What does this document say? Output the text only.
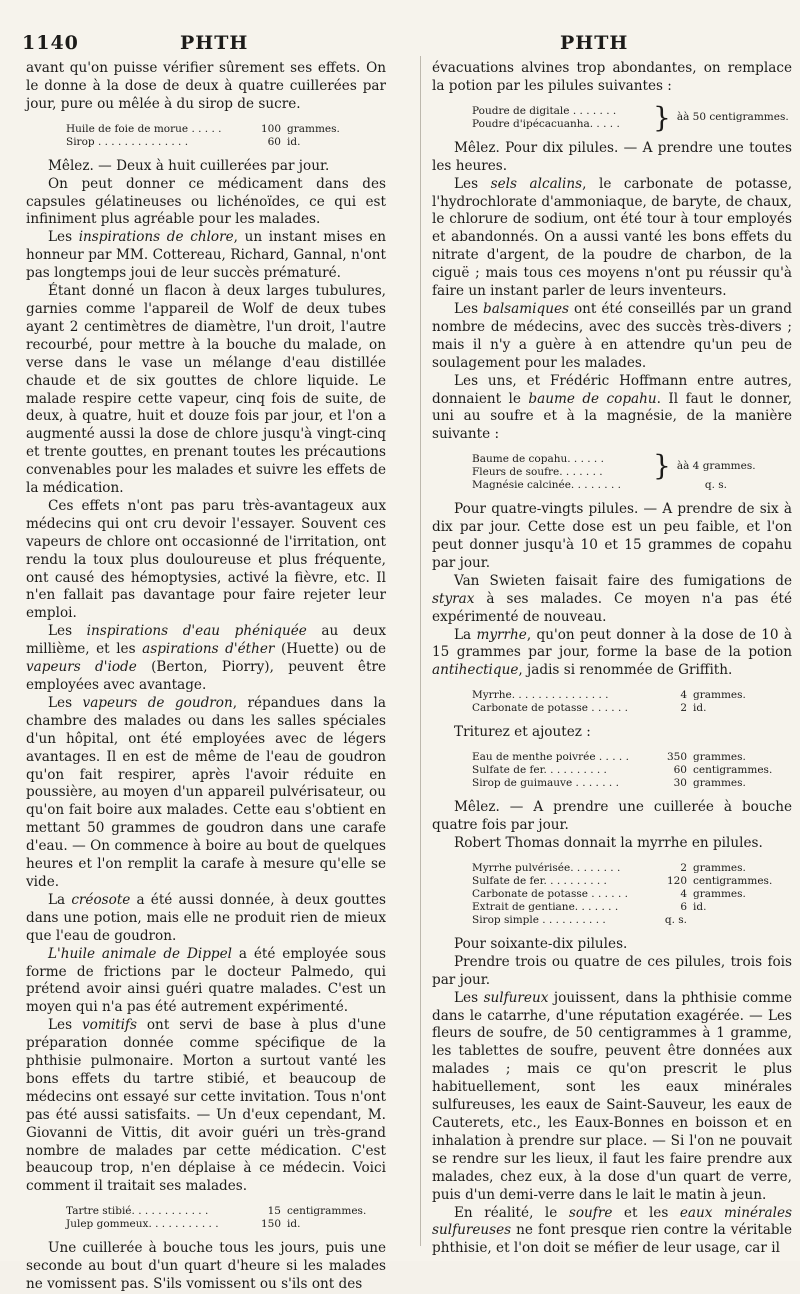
1140	PHTH	PHTH

avant qu'on puisse vérifier sûrement ses effets. On le donne à la dose de deux à quatre cuillerées par jour, pure ou mêlée à du sirop de sucre.

Huile de foie de morue . . . . .	100 grammes.
Sirop . . . . . . . . . . . . . .	60 id.

Mêlez. — Deux à huit cuillerées par jour.

On peut donner ce médicament dans des capsules gélatineuses ou lichénoïdes, ce qui est infiniment plus agréable pour les malades.

Les inspirations de chlore, un instant mises en honneur par MM. Cottereau, Richard, Gannal, n'ont pas longtemps joui de leur succès prématuré.

Étant donné un flacon à deux larges tubulures, garnies comme l'appareil de Wolf de deux tubes ayant 2 centimètres de diamètre, l'un droit, l'autre recourbé, pour mettre à la bouche du malade, on verse dans le vase un mélange d'eau distillée chaude et de six gouttes de chlore liquide. Le malade respire cette vapeur, cinq fois de suite, de deux, à quatre, huit et douze fois par jour, et l'on a augmenté aussi la dose de chlore jusqu'à vingt-cinq et trente gouttes, en prenant toutes les précautions convenables pour les malades et suivre les effets de la médication.

Ces effets n'ont pas paru très-avantageux aux médecins qui ont cru devoir l'essayer. Souvent ces vapeurs de chlore ont occasionné de l'irritation, ont rendu la toux plus douloureuse et plus fréquente, ont causé des hémoptysies, activé la fièvre, etc. Il n'en fallait pas davantage pour faire rejeter leur emploi.

Les inspirations d'eau phéniquée au deux millième, et les aspirations d'éther (Huette) ou de vapeurs d'iode (Berton, Piorry), peuvent être employées avec avantage.

Les vapeurs de goudron, répandues dans la chambre des malades ou dans les salles spéciales d'un hôpital, ont été employées avec de légers avantages. Il en est de même de l'eau de goudron qu'on fait respirer, après l'avoir réduite en poussière, au moyen d'un appareil pulvérisateur, ou qu'on fait boire aux malades. Cette eau s'obtient en mettant 50 grammes de goudron dans une carafe d'eau. — On commence à boire au bout de quelques heures et l'on remplit la carafe à mesure qu'elle se vide.

La créosote a été aussi donnée, à deux gouttes dans une potion, mais elle ne produit rien de mieux que l'eau de goudron.

L'huile animale de Dippel a été employée sous forme de frictions par le docteur Palmedo, qui prétend avoir ainsi guéri quatre malades. C'est un moyen qui n'a pas été autrement expérimenté.

Les vomitifs ont servi de base à plus d'une préparation donnée comme spécifique de la phthisie pulmonaire. Morton a surtout vanté les bons effets du tartre stibié, et beaucoup de médecins ont essayé sur cette invitation. Tous n'ont pas été aussi satisfaits. — Un d'eux cependant, M. Giovanni de Vittis, dit avoir guéri un très-grand nombre de malades par cette médication. C'est beaucoup trop, n'en déplaise à ce médecin. Voici comment il traitait ses malades.

Tartre stibié. . . . . . . . . . . .	15 centigrammes.
Julep gommeux. . . . . . . . . . .	150 id.

Une cuillerée à bouche tous les jours, puis une seconde au bout d'un quart d'heure si les malades ne vomissent pas. S'ils vomissent ou s'ils ont des

évacuations alvines trop abondantes, on remplace la potion par les pilules suivantes :

Poudre de digitale . . . . . . .
Poudre d'ipécacuanha. . . . .	} àà 50 centigrammes.

Mêlez. Pour dix pilules. — A prendre une toutes les heures.

Les sels alcalins, le carbonate de potasse, l'hydrochlorate d'ammoniaque, de baryte, de chaux, le chlorure de sodium, ont été tour à tour employés et abandonnés. On a aussi vanté les bons effets du nitrate d'argent, de la poudre de charbon, de la ciguë ; mais tous ces moyens n'ont pu réussir qu'à faire un instant parler de leurs inventeurs.

Les balsamiques ont été conseillés par un grand nombre de médecins, avec des succès très-divers ; mais il n'y a guère à en attendre qu'un peu de soulagement pour les malades.

Les uns, et Frédéric Hoffmann entre autres, donnaient le baume de copahu. Il faut le donner, uni au soufre et à la magnésie, de la manière suivante :

Baume de copahu. . . . . .
Fleurs de soufre. . . . . . .	} àà 4 grammes.
Magnésie calcinée. . . . . . . .	q. s.

Pour quatre-vingts pilules. — A prendre de six à dix par jour. Cette dose est un peu faible, et l'on peut donner jusqu'à 10 et 15 grammes de copahu par jour.

Van Swieten faisait faire des fumigations de styrax à ses malades. Ce moyen n'a pas été expérimenté de nouveau.

La myrrhe, qu'on peut donner à la dose de 10 à 15 grammes par jour, forme la base de la potion antihectique, jadis si renommée de Griffith.

Myrrhe. . . . . . . . . . . . . . .	4 grammes.
Carbonate de potasse . . . . . .	2 id.

Triturez et ajoutez :

Eau de menthe poivrée . . . . .	350 grammes.
Sulfate de fer. . . . . . . . . .	60 centigrammes.
Sirop de guimauve . . . . . . .	30 grammes.

Mêlez. — A prendre une cuillerée à bouche quatre fois par jour.

Robert Thomas donnait la myrrhe en pilules.

Myrrhe pulvérisée. . . . . . . .	2 grammes.
Sulfate de fer. . . . . . . . . .	120 centigrammes.
Carbonate de potasse . . . . . .	4 grammes.
Extrait de gentiane. . . . . . .	6 id.
Sirop simple . . . . . . . . . .	q. s.

Pour soixante-dix pilules.

Prendre trois ou quatre de ces pilules, trois fois par jour.

Les sulfureux jouissent, dans la phthisie comme dans le catarrhe, d'une réputation exagérée. — Les fleurs de soufre, de 50 centigrammes à 1 gramme, les tablettes de soufre, peuvent être données aux malades ; mais ce qu'on prescrit le plus habituellement, sont les eaux minérales sulfureuses, les eaux de Saint-Sauveur, les eaux de Cauterets, etc., les Eaux-Bonnes en boisson et en inhalation à prendre sur place. — Si l'on ne pouvait se rendre sur les lieux, il faut les faire prendre aux malades, chez eux, à la dose d'un quart de verre, puis d'un demi-verre dans le lait le matin à jeun.

En réalité, le soufre et les eaux minérales sulfureuses ne font presque rien contre la véritable phthisie, et l'on doit se méfier de leur usage, car il
